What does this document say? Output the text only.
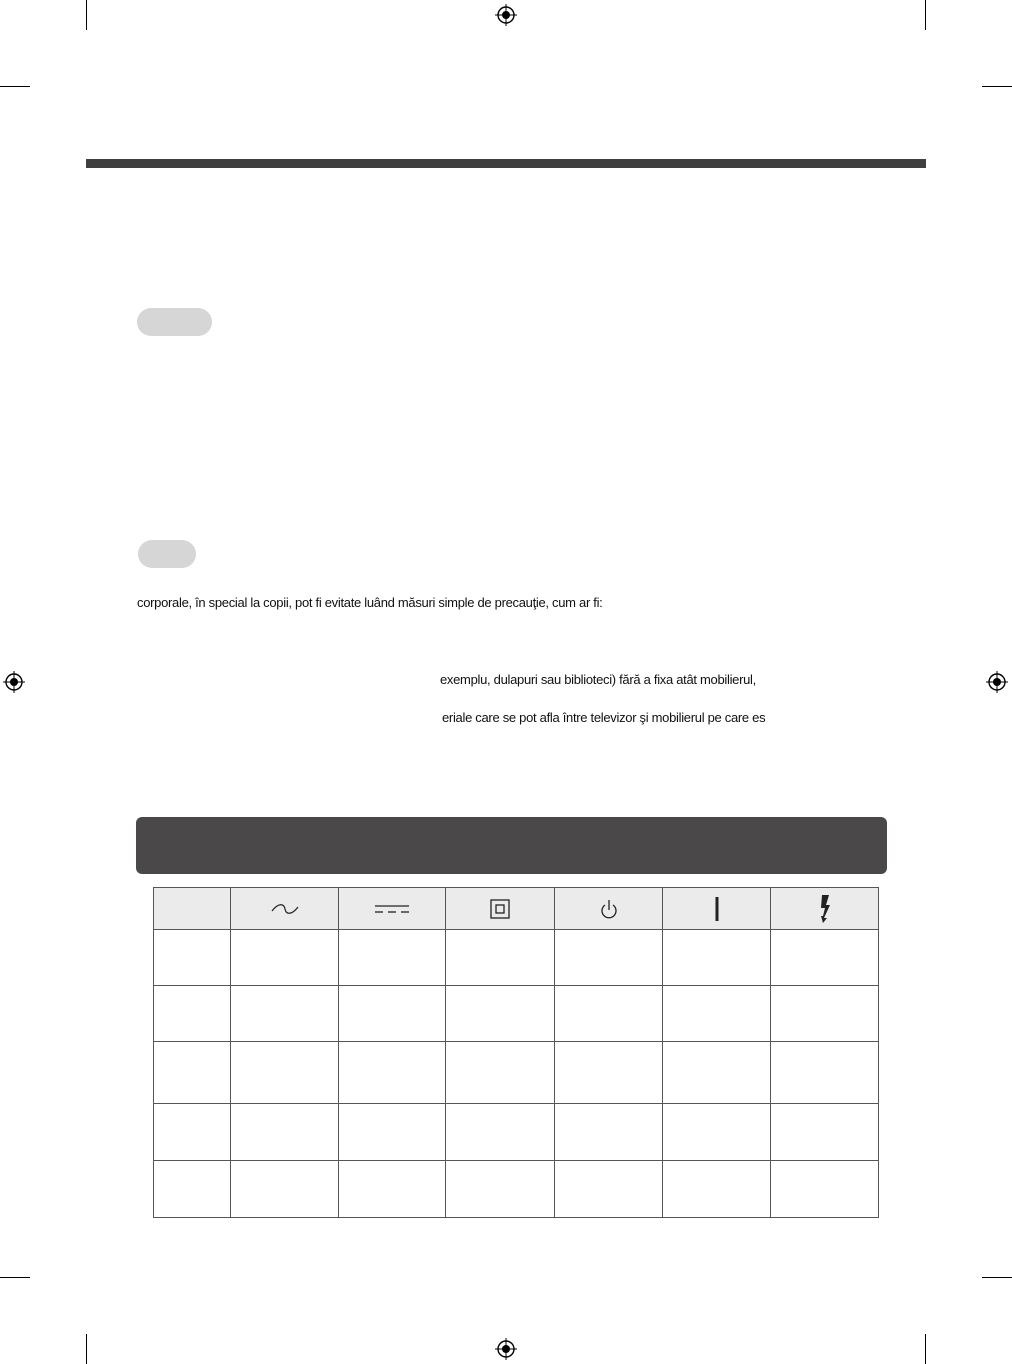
corporale, în special la copii, pot fi evitate luând măsuri simple de precauţie, cum ar fi:
exemplu, dulapuri sau biblioteci) fără a fixa atât mobilierul,
eriale care se pot afla între televizor şi mobilierul pe care es
